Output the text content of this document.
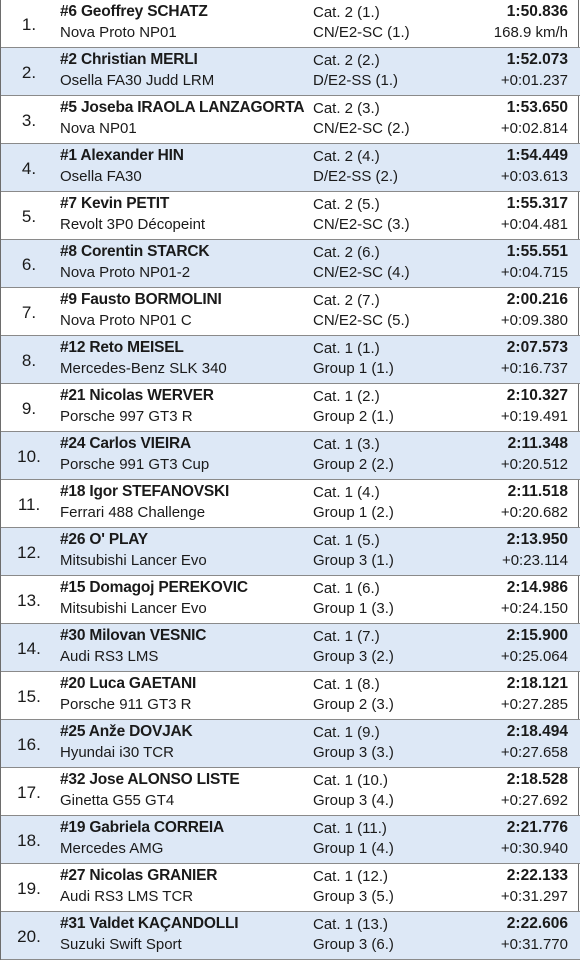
1.
#6 Geoffrey SCHATZ
Nova Proto NP01
Cat. 2 (1.)
CN/E2-SC (1.)
1:50.836
168.9 km/h
2.
#2 Christian MERLI
Osella FA30 Judd LRM
Cat. 2 (2.)
D/E2-SS (1.)
1:52.073
+0:01.237
3.
#5 Joseba IRAOLA LANZAGORTA
Nova NP01
Cat. 2 (3.)
CN/E2-SC (2.)
1:53.650
+0:02.814
4.
#1 Alexander HIN
Osella FA30
Cat. 2 (4.)
D/E2-SS (2.)
1:54.449
+0:03.613
5.
#7 Kevin PETIT
Revolt 3P0 Décopeint
Cat. 2 (5.)
CN/E2-SC (3.)
1:55.317
+0:04.481
6.
#8 Corentin STARCK
Nova Proto NP01-2
Cat. 2 (6.)
CN/E2-SC (4.)
1:55.551
+0:04.715
7.
#9 Fausto BORMOLINI
Nova Proto NP01 C
Cat. 2 (7.)
CN/E2-SC (5.)
2:00.216
+0:09.380
8.
#12 Reto MEISEL
Mercedes-Benz SLK 340
Cat. 1 (1.)
Group 1 (1.)
2:07.573
+0:16.737
9.
#21 Nicolas WERVER
Porsche 997 GT3 R
Cat. 1 (2.)
Group 2 (1.)
2:10.327
+0:19.491
10.
#24 Carlos VIEIRA
Porsche 991 GT3 Cup
Cat. 1 (3.)
Group 2 (2.)
2:11.348
+0:20.512
11.
#18 Igor STEFANOVSKI
Ferrari 488 Challenge
Cat. 1 (4.)
Group 1 (2.)
2:11.518
+0:20.682
12.
#26 O' PLAY
Mitsubishi Lancer Evo
Cat. 1 (5.)
Group 3 (1.)
2:13.950
+0:23.114
13.
#15 Domagoj PEREKOVIC
Mitsubishi Lancer Evo
Cat. 1 (6.)
Group 1 (3.)
2:14.986
+0:24.150
14.
#30 Milovan VESNIC
Audi RS3 LMS
Cat. 1 (7.)
Group 3 (2.)
2:15.900
+0:25.064
15.
#20 Luca GAETANI
Porsche 911 GT3 R
Cat. 1 (8.)
Group 2 (3.)
2:18.121
+0:27.285
16.
#25 Anže DOVJAK
Hyundai i30 TCR
Cat. 1 (9.)
Group 3 (3.)
2:18.494
+0:27.658
17.
#32 Jose ALONSO LISTE
Ginetta G55 GT4
Cat. 1 (10.)
Group 3 (4.)
2:18.528
+0:27.692
18.
#19 Gabriela CORREIA
Mercedes AMG
Cat. 1 (11.)
Group 1 (4.)
2:21.776
+0:30.940
19.
#27 Nicolas GRANIER
Audi RS3 LMS TCR
Cat. 1 (12.)
Group 3 (5.)
2:22.133
+0:31.297
20.
#31 Valdet KAÇANDOLLI
Suzuki Swift Sport
Cat. 1 (13.)
Group 3 (6.)
2:22.606
+0:31.770
